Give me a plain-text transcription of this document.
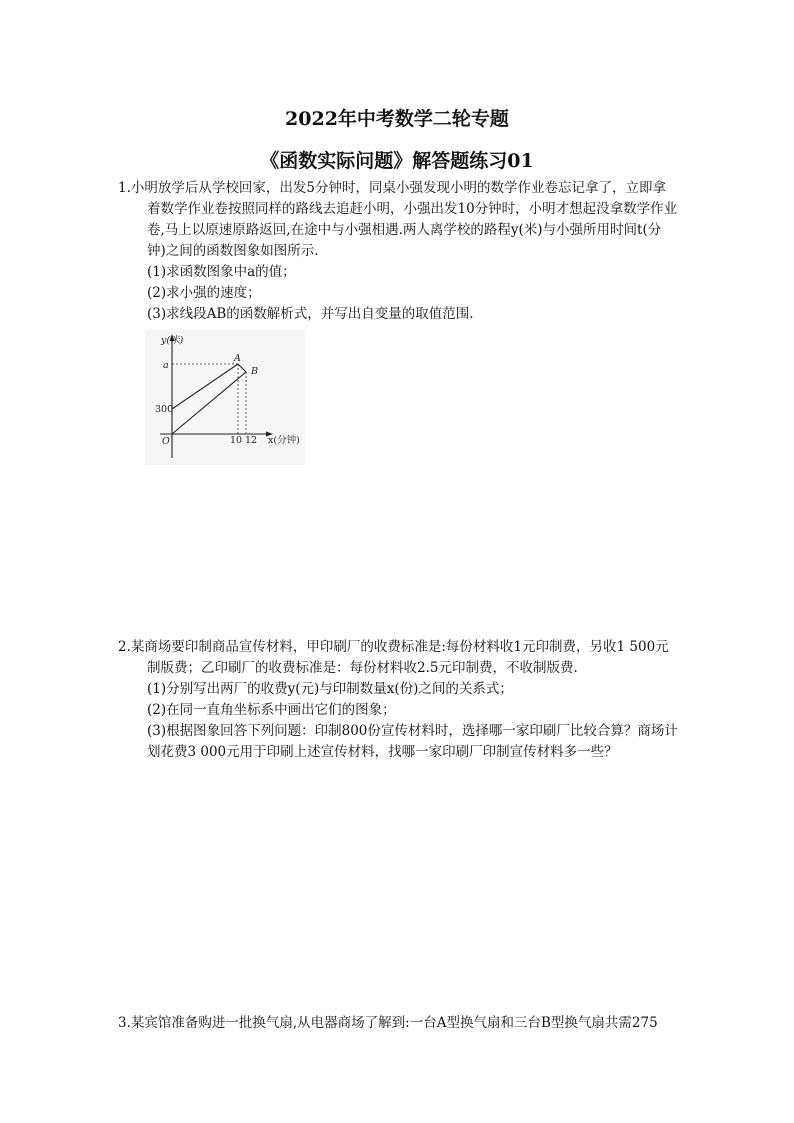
2022年中考数学二轮专题
《函数实际问题》解答题练习01

1.小明放学后从学校回家，出发5分钟时，同桌小强发现小明的数学作业卷忘记拿了，立即拿

着数学作业卷按照同样的路线去追赶小明，小强出发10分钟时，小明才想起没拿数学作业

卷,马上以原速原路返回,在途中与小强相遇.两人离学校的路程y(米)与小强所用时间t(分

钟)之间的函数图象如图所示.

(1)求函数图象中a的值；

(2)求小强的速度；

(3)求线段AB的函数解析式，并写出自变量的取值范围.

y(米)
x(分钟)
O
a
300
10 12
A
B

2.某商场要印制商品宣传材料，甲印刷厂的收费标准是:每份材料收1元印制费，另收1 500元

制版费；乙印刷厂的收费标准是：每份材料收2.5元印制费，不收制版费.

(1)分别写出两厂的收费y(元)与印制数量x(份)之间的关系式；

(2)在同一直角坐标系中画出它们的图象；

(3)根据图象回答下列问题：印制800份宣传材料时，选择哪一家印刷厂比较合算？商场计

划花费3 000元用于印刷上述宣传材料，找哪一家印刷厂印制宣传材料多一些？

3.某宾馆准备购进一批换气扇,从电器商场了解到:一台A型换气扇和三台B型换气扇共需275
